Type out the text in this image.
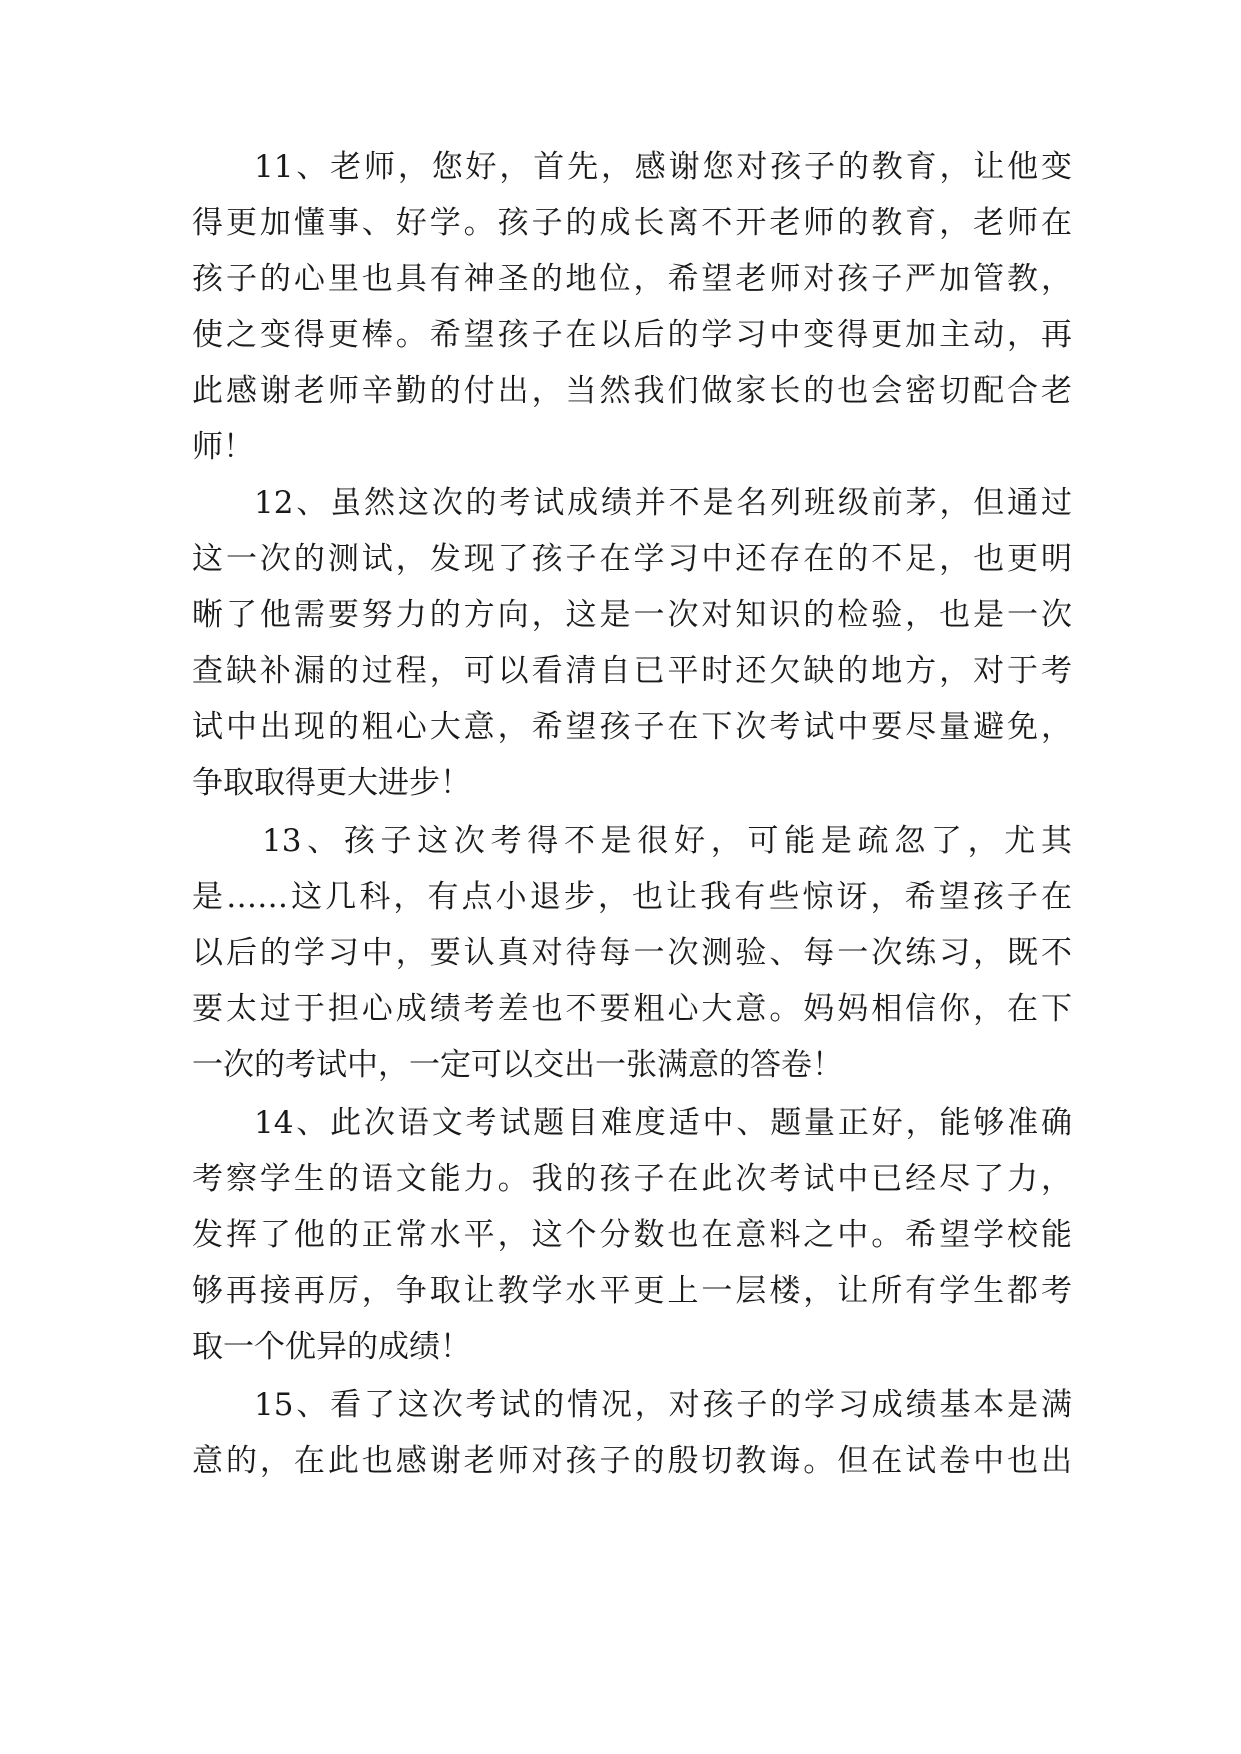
11、老师，您好，首先，感谢您对孩子的教育，让他变
得更加懂事、好学。孩子的成长离不开老师的教育，老师在
孩子的心里也具有神圣的地位，希望老师对孩子严加管教，
使之变得更棒。希望孩子在以后的学习中变得更加主动，再
此感谢老师辛勤的付出，当然我们做家长的也会密切配合老
师！
12、虽然这次的考试成绩并不是名列班级前茅，但通过
这一次的测试，发现了孩子在学习中还存在的不足，也更明
晰了他需要努力的方向，这是一次对知识的检验，也是一次
查缺补漏的过程，可以看清自已平时还欠缺的地方，对于考
试中出现的粗心大意，希望孩子在下次考试中要尽量避免，
争取取得更大进步！
13、孩子这次考得不是很好，可能是疏忽了，尤其
是……这几科，有点小退步，也让我有些惊讶，希望孩子在
以后的学习中，要认真对待每一次测验、每一次练习，既不
要太过于担心成绩考差也不要粗心大意。妈妈相信你，在下
一次的考试中，一定可以交出一张满意的答卷！
14、此次语文考试题目难度适中、题量正好，能够准确
考察学生的语文能力。我的孩子在此次考试中已经尽了力，
发挥了他的正常水平，这个分数也在意料之中。希望学校能
够再接再厉，争取让教学水平更上一层楼，让所有学生都考
取一个优异的成绩！
15、看了这次考试的情况，对孩子的学习成绩基本是满
意的，在此也感谢老师对孩子的殷切教诲。但在试卷中也出
